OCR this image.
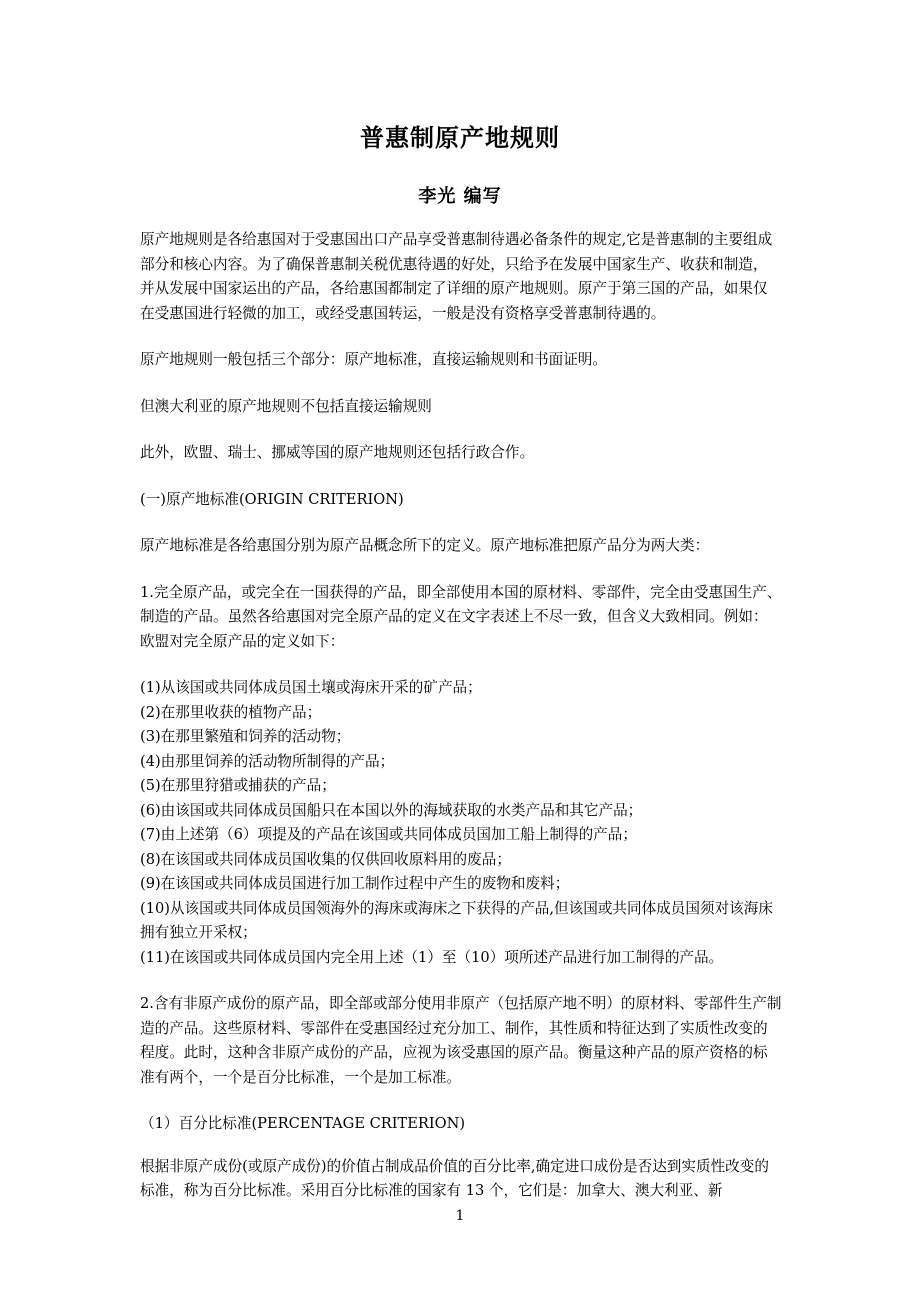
普惠制原产地规则
李光 编写

原产地规则是各给惠国对于受惠国出口产品享受普惠制待遇必备条件的规定,它是普惠制的主要组成部分和核心内容。为了确保普惠制关税优惠待遇的好处，只给予在发展中国家生产、收获和制造，并从发展中国家运出的产品，各给惠国都制定了详细的原产地规则。原产于第三国的产品，如果仅在受惠国进行轻微的加工，或经受惠国转运，一般是没有资格享受普惠制待遇的。

原产地规则一般包括三个部分：原产地标准，直接运输规则和书面证明。

但澳大利亚的原产地规则不包括直接运输规则

此外，欧盟、瑞士、挪威等国的原产地规则还包括行政合作。

(一)原产地标准(ORIGIN CRITERION)

原产地标准是各给惠国分别为原产品概念所下的定义。原产地标准把原产品分为两大类：

1.完全原产品，或完全在一国获得的产品，即全部使用本国的原材料、零部件，完全由受惠国生产、制造的产品。虽然各给惠国对完全原产品的定义在文字表述上不尽一致，但含义大致相同。例如：欧盟对完全原产品的定义如下：

(1)从该国或共同体成员国土壤或海床开采的矿产品；
(2)在那里收获的植物产品；
(3)在那里繁殖和饲养的活动物；
(4)由那里饲养的活动物所制得的产品；
(5)在那里狩猎或捕获的产品；
(6)由该国或共同体成员国船只在本国以外的海域获取的水类产品和其它产品；
(7)由上述第（6）项提及的产品在该国或共同体成员国加工船上制得的产品；
(8)在该国或共同体成员国收集的仅供回收原料用的废品；
(9)在该国或共同体成员国进行加工制作过程中产生的废物和废料；
(10)从该国或共同体成员国领海外的海床或海床之下获得的产品,但该国或共同体成员国须对该海床拥有独立开采权；
(11)在该国或共同体成员国内完全用上述（1）至（10）项所述产品进行加工制得的产品。

2.含有非原产成份的原产品，即全部或部分使用非原产（包括原产地不明）的原材料、零部件生产制造的产品。这些原材料、零部件在受惠国经过充分加工、制作，其性质和特征达到了实质性改变的程度。此时，这种含非原产成份的产品，应视为该受惠国的原产品。衡量这种产品的原产资格的标准有两个，一个是百分比标准，一个是加工标准。

（1）百分比标准(PERCENTAGE CRITERION)

根据非原产成份(或原产成份)的价值占制成品价值的百分比率,确定进口成份是否达到实质性改变的标准，称为百分比标准。采用百分比标准的国家有 13 个，它们是：加拿大、澳大利亚、新

1
